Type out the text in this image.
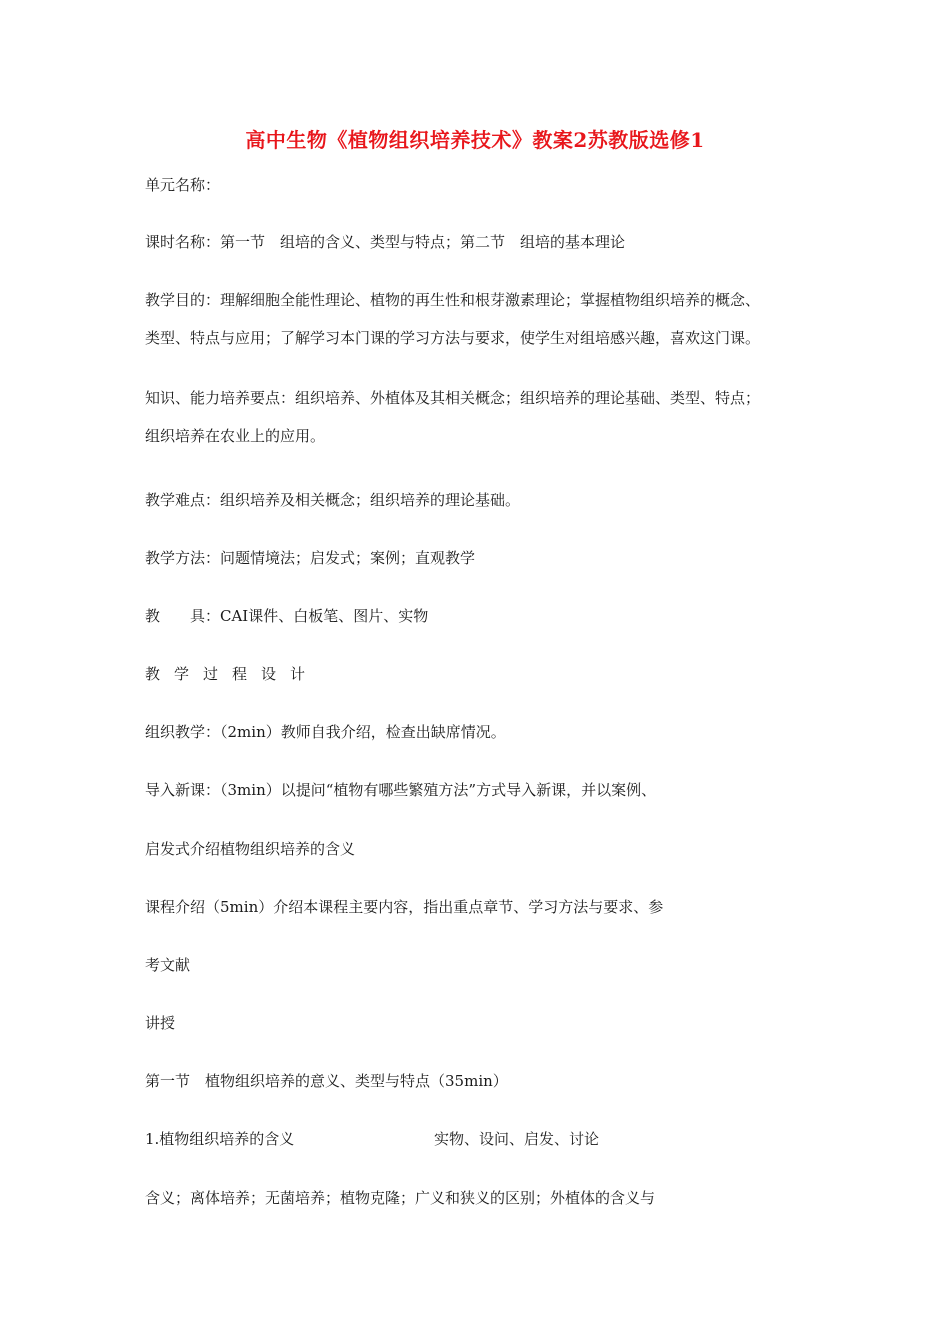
高中生物《植物组织培养技术》教案2苏教版选修1
单元名称：
课时名称：第一节　组培的含义、类型与特点；第二节　组培的基本理论
教学目的：理解细胞全能性理论、植物的再生性和根芽激素理论；掌握植物组织培养的概念、
类型、特点与应用；了解学习本门课的学习方法与要求，使学生对组培感兴趣，喜欢这门课。
知识、能力培养要点：组织培养、外植体及其相关概念；组织培养的理论基础、类型、特点；
组织培养在农业上的应用。
教学难点：组织培养及相关概念；组织培养的理论基础。
教学方法：问题情境法；启发式；案例；直观教学
教　　具：CAI课件、白板笔、图片、实物
教学过程设计
组织教学：（2min）教师自我介绍，检查出缺席情况。
导入新课：（3min）以提问“植物有哪些繁殖方法”方式导入新课，并以案例、
启发式介绍植物组织培养的含义
课程介绍（5min）介绍本课程主要内容，指出重点章节、学习方法与要求、参
考文献
讲授
第一节　植物组织培养的意义、类型与特点（35min）
1.植物组织培养的含义	实物、设问、启发、讨论
含义；离体培养；无菌培养；植物克隆；广义和狭义的区别；外植体的含义与
